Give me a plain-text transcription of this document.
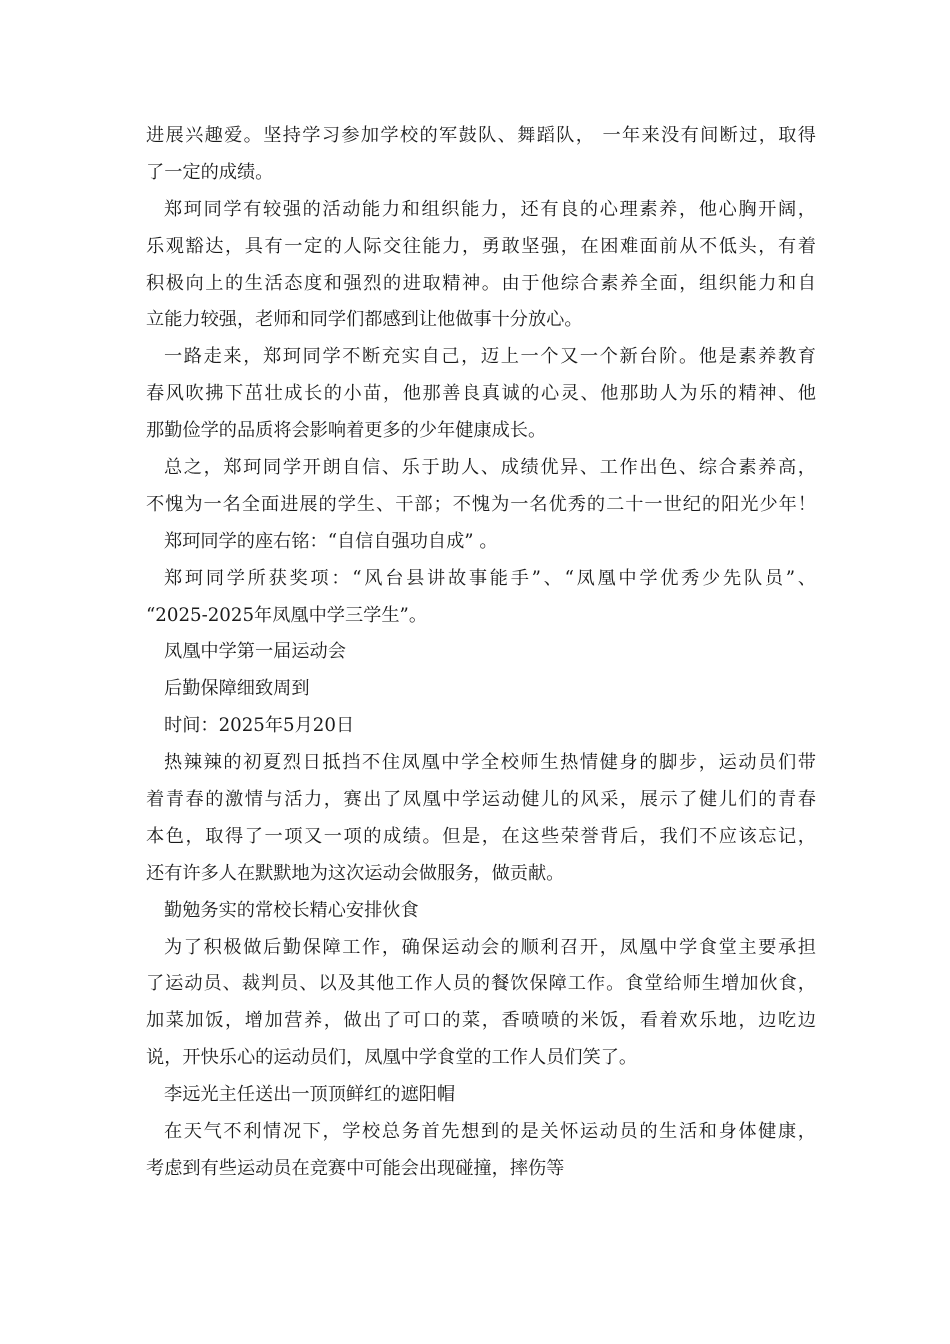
进展兴趣爱。坚持学习参加学校的军鼓队、舞蹈队， 一年来没有间断过，取得
了一定的成绩。
郑珂同学有较强的活动能力和组织能力，还有良的心理素养，他心胸开阔，
乐观豁达，具有一定的人际交往能力，勇敢坚强，在困难面前从不低头，有着
积极向上的生活态度和强烈的进取精神。由于他综合素养全面，组织能力和自
立能力较强，老师和同学们都感到让他做事十分放心。
一路走来，郑珂同学不断充实自己，迈上一个又一个新台阶。他是素养教育
春风吹拂下茁壮成长的小苗，他那善良真诚的心灵、他那助人为乐的精神、他
那勤俭学的品质将会影响着更多的少年健康成长。
总之，郑珂同学开朗自信、乐于助人、成绩优异、工作出色、综合素养高，
不愧为一名全面进展的学生、干部；不愧为一名优秀的二十一世纪的阳光少年！
郑珂同学的座右铭：“自信自强功自成” 。
郑珂同学所获奖项：“风台县讲故事能手”、“凤凰中学优秀少先队员”、
“2025-2025年凤凰中学三学生”。
凤凰中学第一届运动会
后勤保障细致周到
时间：2025年5月20日
热辣辣的初夏烈日抵挡不住凤凰中学全校师生热情健身的脚步，运动员们带
着青春的激情与活力，赛出了凤凰中学运动健儿的风采，展示了健儿们的青春
本色，取得了一项又一项的成绩。但是，在这些荣誉背后，我们不应该忘记，
还有许多人在默默地为这次运动会做服务，做贡献。
勤勉务实的常校长精心安排伙食
为了积极做后勤保障工作，确保运动会的顺利召开，凤凰中学食堂主要承担
了运动员、裁判员、以及其他工作人员的餐饮保障工作。食堂给师生增加伙食，
加菜加饭，增加营养，做出了可口的菜，香喷喷的米饭，看着欢乐地，边吃边
说，开快乐心的运动员们，凤凰中学食堂的工作人员们笑了。
李远光主任送出一顶顶鲜红的遮阳帽
在天气不利情况下，学校总务首先想到的是关怀运动员的生活和身体健康，
考虑到有些运动员在竞赛中可能会出现碰撞，摔伤等
